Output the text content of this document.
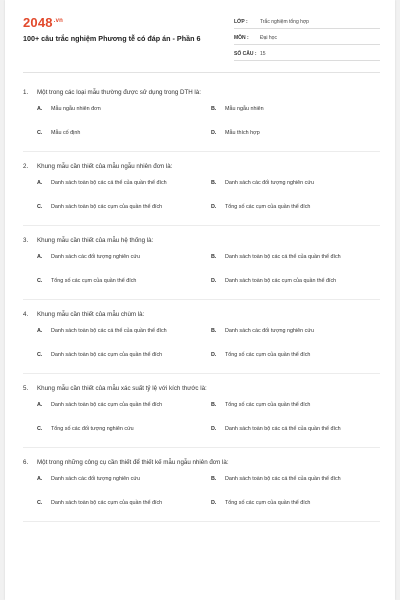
$2048^{.vn}$
100+ câu trắc nghiệm Phương tễ có đáp án - Phần 6
LỚP :	Trắc nghiệm tổng hợp
MÔN :	Đại học
SỐ CÂU : 15
1.	Một trong các loại mẫu thường được sử dụng trong DTH là:
A.	Mẫu ngẫu nhiên đơn	B.	Mẫu ngẫu nhiên
C.	Mẫu cố định	D.	Mẫu thích hợp
2.	Khung mẫu cần thiết của mẫu ngẫu nhiên đơn là:
A.	Danh sách toàn bộ các cá thể của quần thể đích	B.	Danh sách các đối tượng nghiên cứu
C.	Danh sách toàn bộ các cụm của quần thể đích	D.	Tổng số các cụm của quần thể đích
3.	Khung mẫu cần thiết của mẫu hệ thống là:
A.	Danh sách các đối tượng nghiên cứu	B.	Danh sách toàn bộ các cá thể của quần thể đích
C.	Tổng số các cụm của quần thể đích	D.	Danh sách toàn bộ các cụm của quần thể đích
4.	Khung mẫu cần thiết của mẫu chùm là:
A.	Danh sách toàn bộ các cá thể của quần thể đích	B.	Danh sách các đối tượng nghiên cứu
C.	Danh sách toàn bộ các cụm của quần thể đích	D.	Tổng số các cụm của quần thể đích
5.	Khung mẫu cần thiết của mẫu xác suất tỷ lệ với kích thước là:
A.	Danh sách toàn bộ các cụm của quần thể đích	B.	Tổng số các cụm của quần thể đích
C.	Tổng số các đối tượng nghiên cứu	D.	Danh sách toàn bộ các cá thể của quần thể đích
6.	Một trong những công cụ cần thiết để thiết kế mẫu ngẫu nhiên đơn là:
A.	Danh sách các đối tượng nghiên cứu	B.	Danh sách toàn bộ các cá thể của quần thể đích
C.	Danh sách toàn bộ các cụm của quần thể đích	D.	Tổng số các cụm của quần thể đích
